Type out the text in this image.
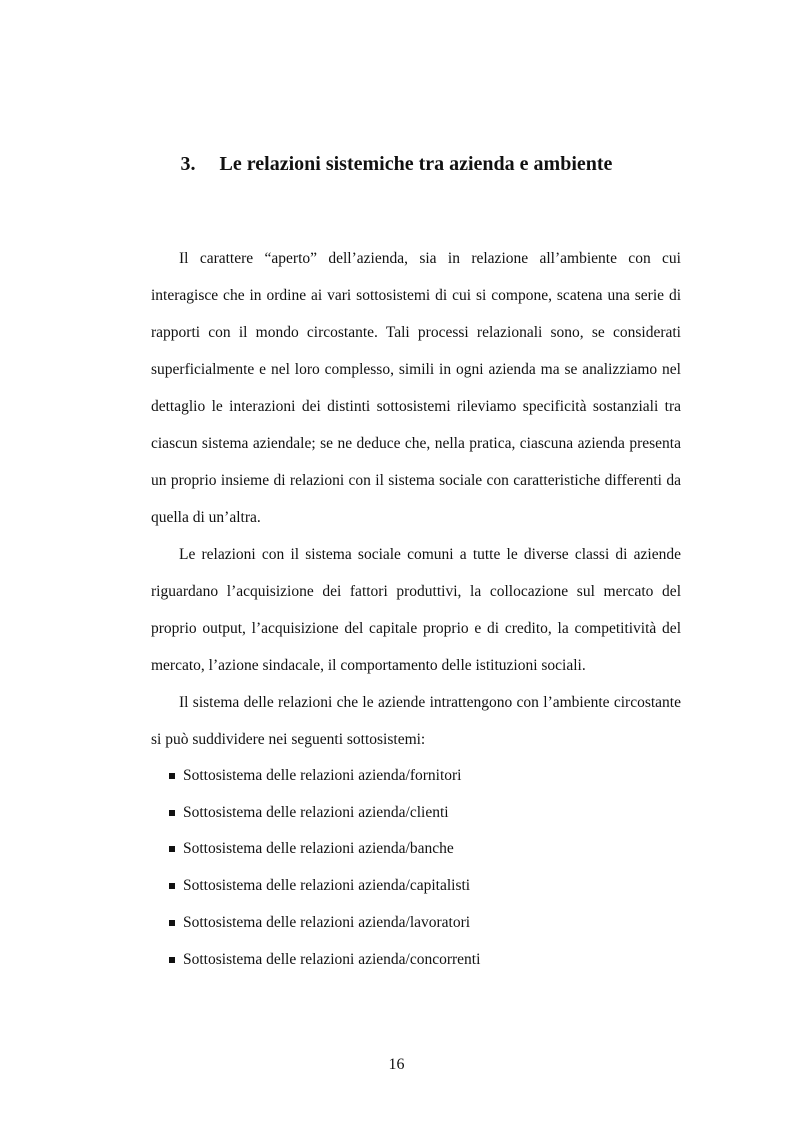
3. Le relazioni sistemiche tra azienda e ambiente

Il carattere “aperto” dell’azienda, sia in relazione all’ambiente con cui interagisce che in ordine ai vari sottosistemi di cui si compone, scatena una serie di rapporti con il mondo circostante. Tali processi relazionali sono, se considerati superficialmente e nel loro complesso, simili in ogni azienda ma se analizziamo nel dettaglio le interazioni dei distinti sottosistemi rileviamo specificità sostanziali tra ciascun sistema aziendale; se ne deduce che, nella pratica, ciascuna azienda presenta un proprio insieme di relazioni con il sistema sociale con caratteristiche differenti da quella di un’altra.

Le relazioni con il sistema sociale comuni a tutte le diverse classi di aziende riguardano l’acquisizione dei fattori produttivi, la collocazione sul mercato del proprio output, l’acquisizione del capitale proprio e di credito, la competitività del mercato, l’azione sindacale, il comportamento delle istituzioni sociali.

Il sistema delle relazioni che le aziende intrattengono con l’ambiente circostante si può suddividere nei seguenti sottosistemi:

Sottosistema delle relazioni azienda/fornitori
Sottosistema delle relazioni azienda/clienti
Sottosistema delle relazioni azienda/banche
Sottosistema delle relazioni azienda/capitalisti
Sottosistema delle relazioni azienda/lavoratori
Sottosistema delle relazioni azienda/concorrenti
16
